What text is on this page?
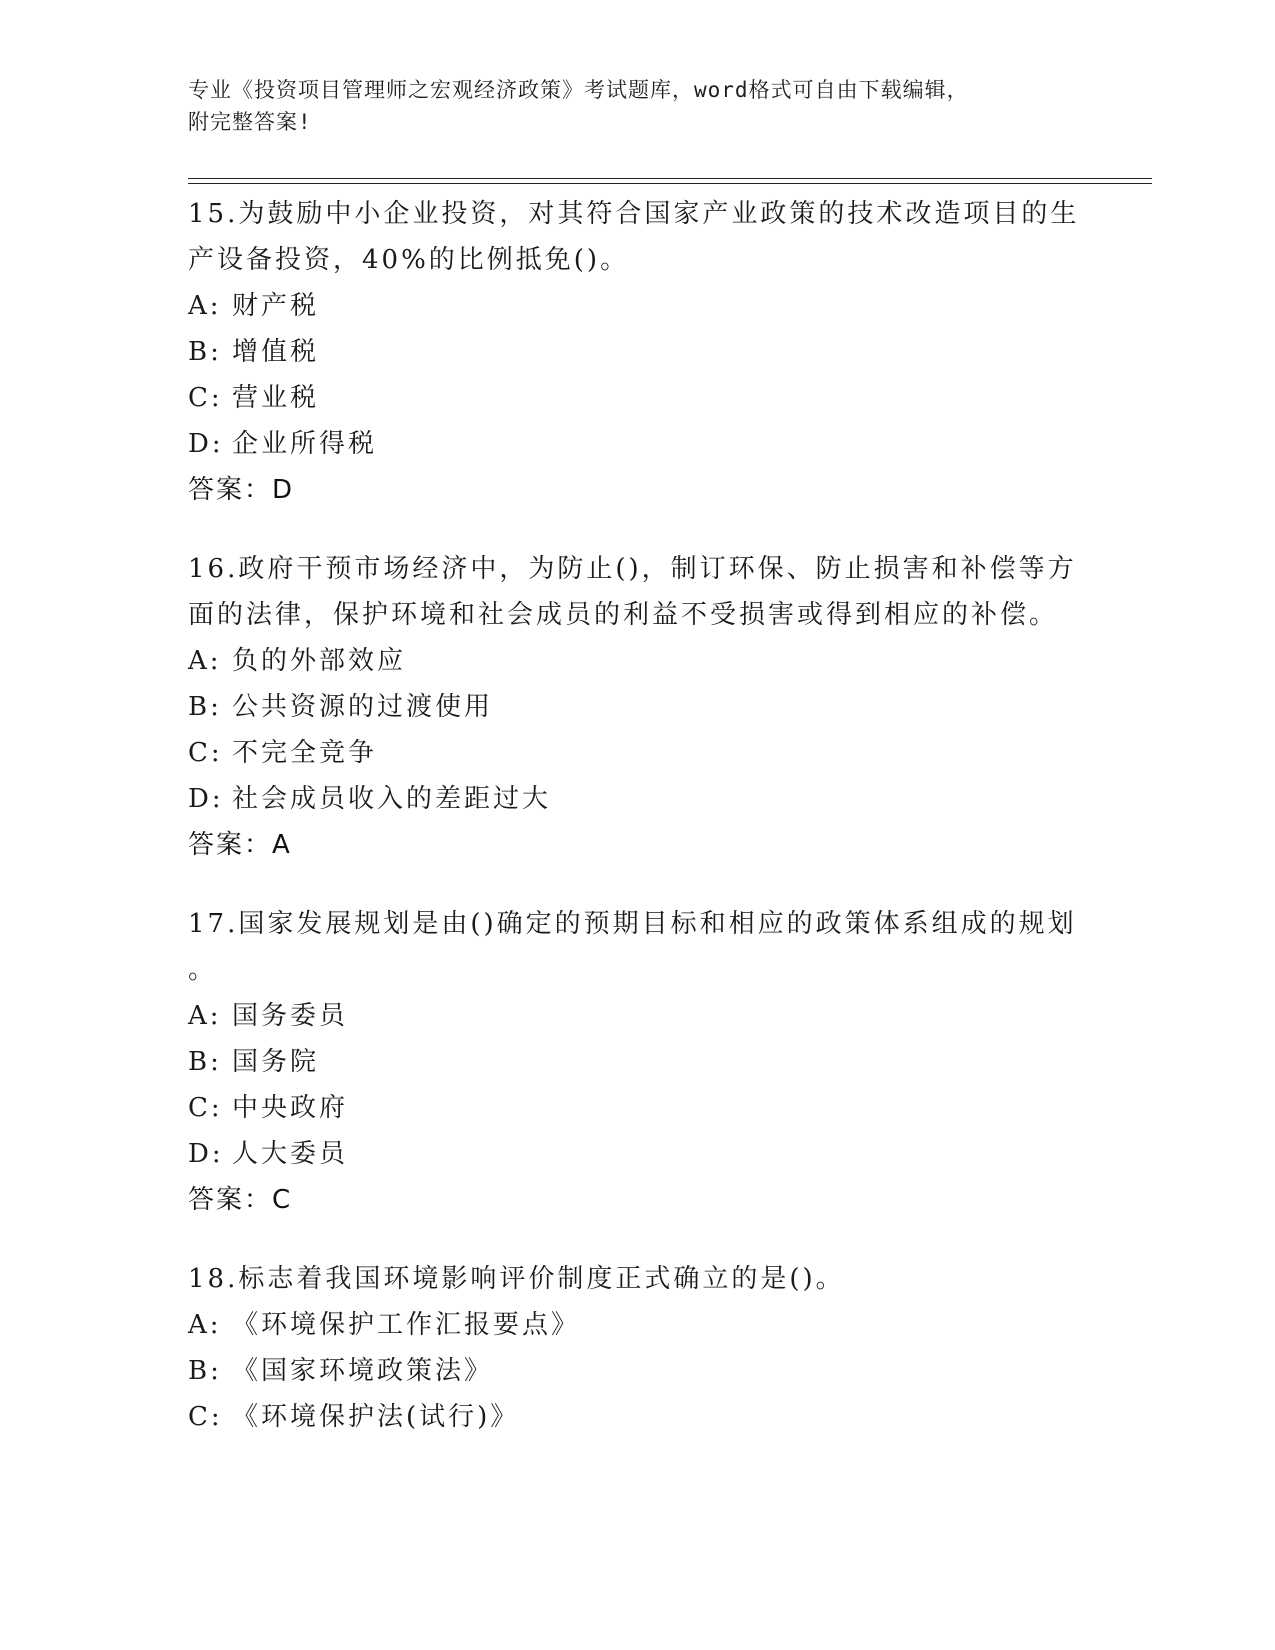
专业《投资项目管理师之宏观经济政策》考试题库，word格式可自由下载编辑，
附完整答案!
15.为鼓励中小企业投资，对其符合国家产业政策的技术改造项目的生
产设备投资，40%的比例抵免()。
A: 财产税
B: 增值税
C: 营业税
D: 企业所得税
答案：D
16.政府干预市场经济中，为防止()，制订环保、防止损害和补偿等方
面的法律，保护环境和社会成员的利益不受损害或得到相应的补偿。
A: 负的外部效应
B: 公共资源的过渡使用
C: 不完全竞争
D: 社会成员收入的差距过大
答案：A
17.国家发展规划是由()确定的预期目标和相应的政策体系组成的规划
。
A: 国务委员
B: 国务院
C: 中央政府
D: 人大委员
答案：C
18.标志着我国环境影响评价制度正式确立的是()。
A: 《环境保护工作汇报要点》
B: 《国家环境政策法》
C: 《环境保护法(试行)》
